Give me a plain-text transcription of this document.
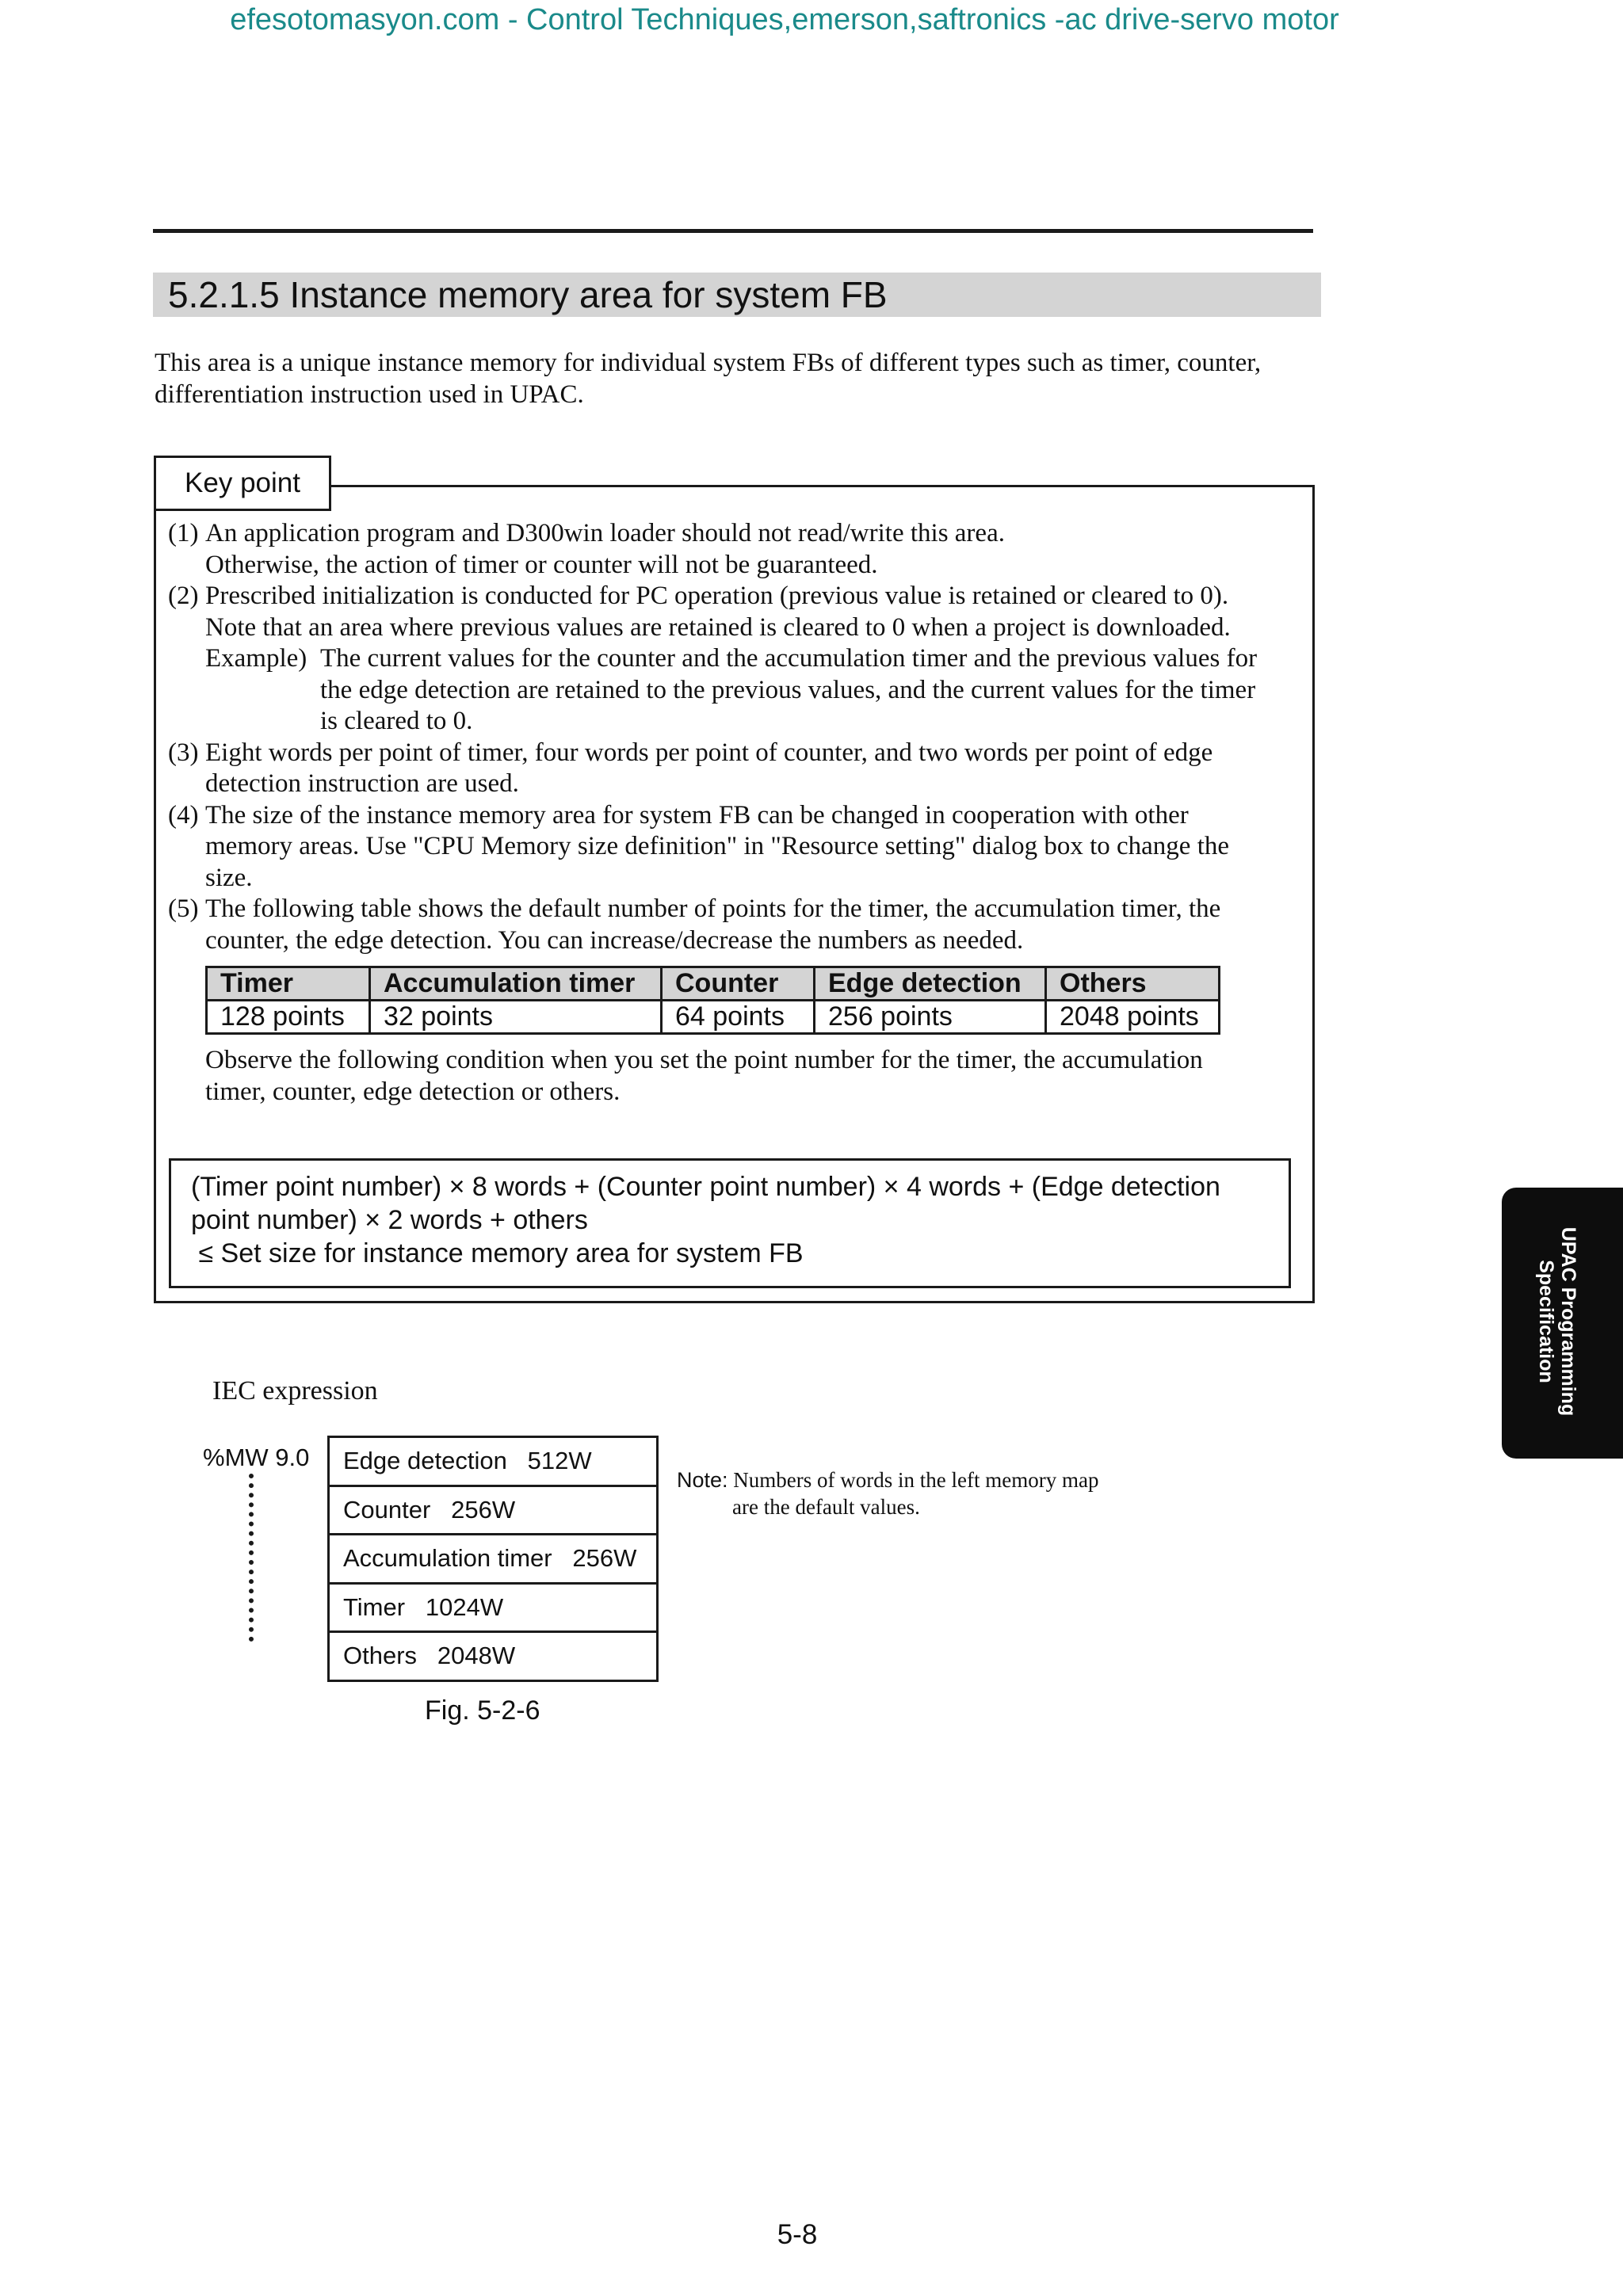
efesotomasyon.com - Control Techniques,emerson,saftronics -ac drive-servo motor
5.2.1.5 Instance memory area for system FB
This area is a unique instance memory for individual system FBs of different types such as timer, counter,
differentiation instruction used in UPAC.
Key point
(1) An application program and D300win loader should not read/write this area.
Otherwise, the action of timer or counter will not be guaranteed.
(2) Prescribed initialization is conducted for PC operation (previous value is retained or cleared to 0).
Note that an area where previous values are retained is cleared to 0 when a project is downloaded.
Example) The current values for the counter and the accumulation timer and the previous values for
the edge detection are retained to the previous values, and the current values for the timer
is cleared to 0.
(3) Eight words per point of timer, four words per point of counter, and two words per point of edge
detection instruction are used.
(4) The size of the instance memory area for system FB can be changed in cooperation with other
memory areas. Use "CPU Memory size definition" in "Resource setting" dialog box to change the
size.
(5) The following table shows the default number of points for the timer, the accumulation timer, the
counter, the edge detection. You can increase/decrease the numbers as needed.
Timer	Accumulation timer	Counter	Edge detection	Others
128 points	32 points	64 points	256 points	2048 points
Observe the following condition when you set the point number for the timer, the accumulation
timer, counter, edge detection or others.
(Timer point number) × 8 words + (Counter point number) × 4 words + (Edge detection
point number) × 2 words + others
≤ Set size for instance memory area for system FB	UPAC Programming
Specification
IEC expression
%MW 9.0	Edge detection   512W
Counter   256W
Accumulation timer   256W
Timer   1024W
Others   2048W
Note: Numbers of words in the left memory map
are the default values.
Fig. 5-2-6
5-8
